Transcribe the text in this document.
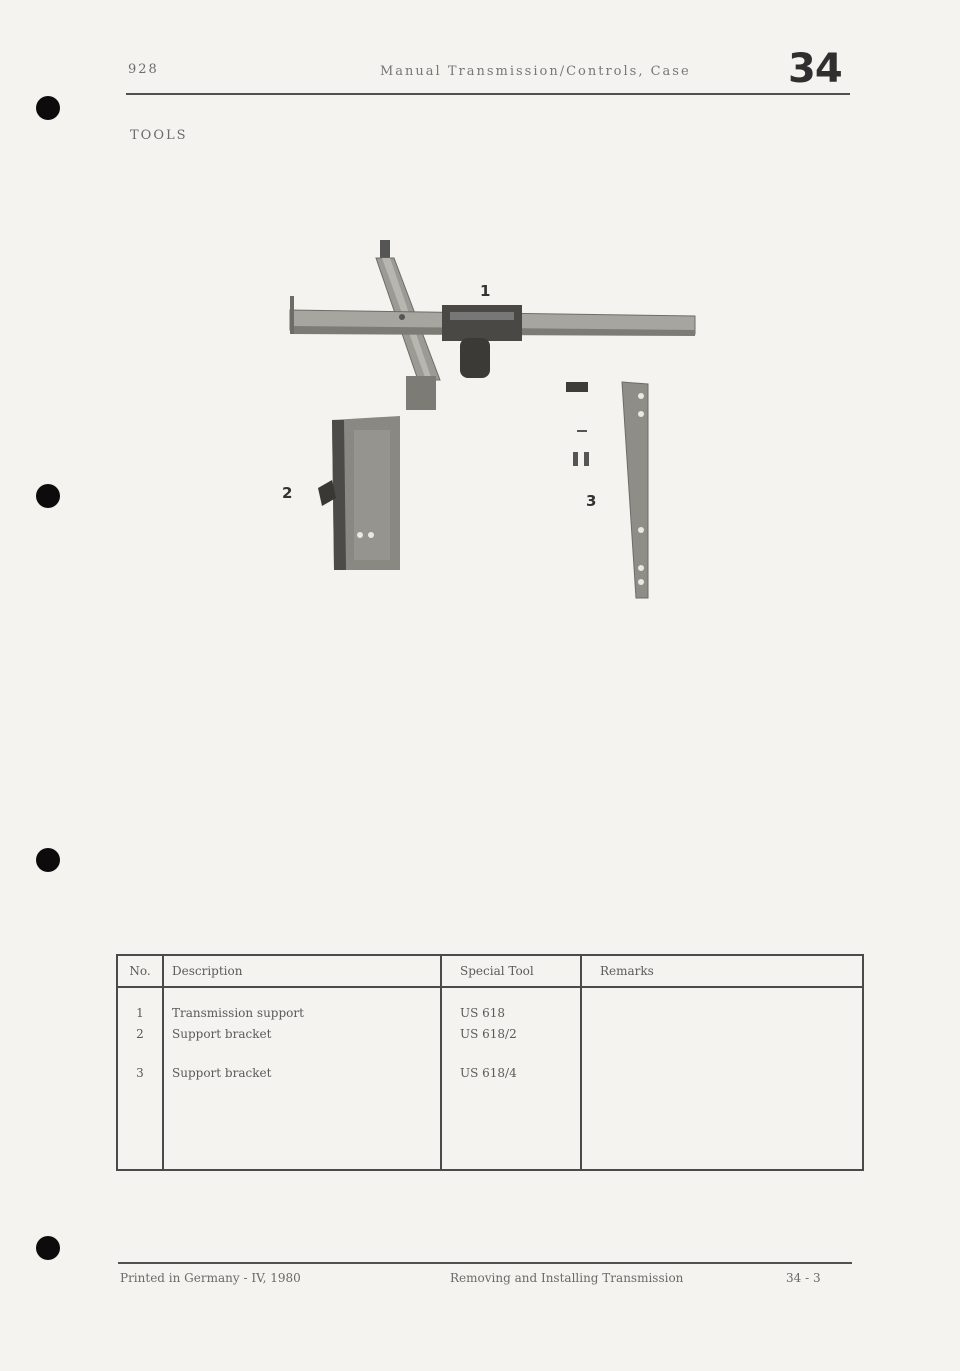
928	Manual Transmission/Controls, Case 34
TOOLS
1
2	3
No.	Description	Special Tool	Remarks
1	Transmission support	US 618	
2	Support bracket	US 618/2	
3	Support bracket	US 618/4	
Printed in Germany - IV, 1980	Removing and Installing Transmission	34 - 3
